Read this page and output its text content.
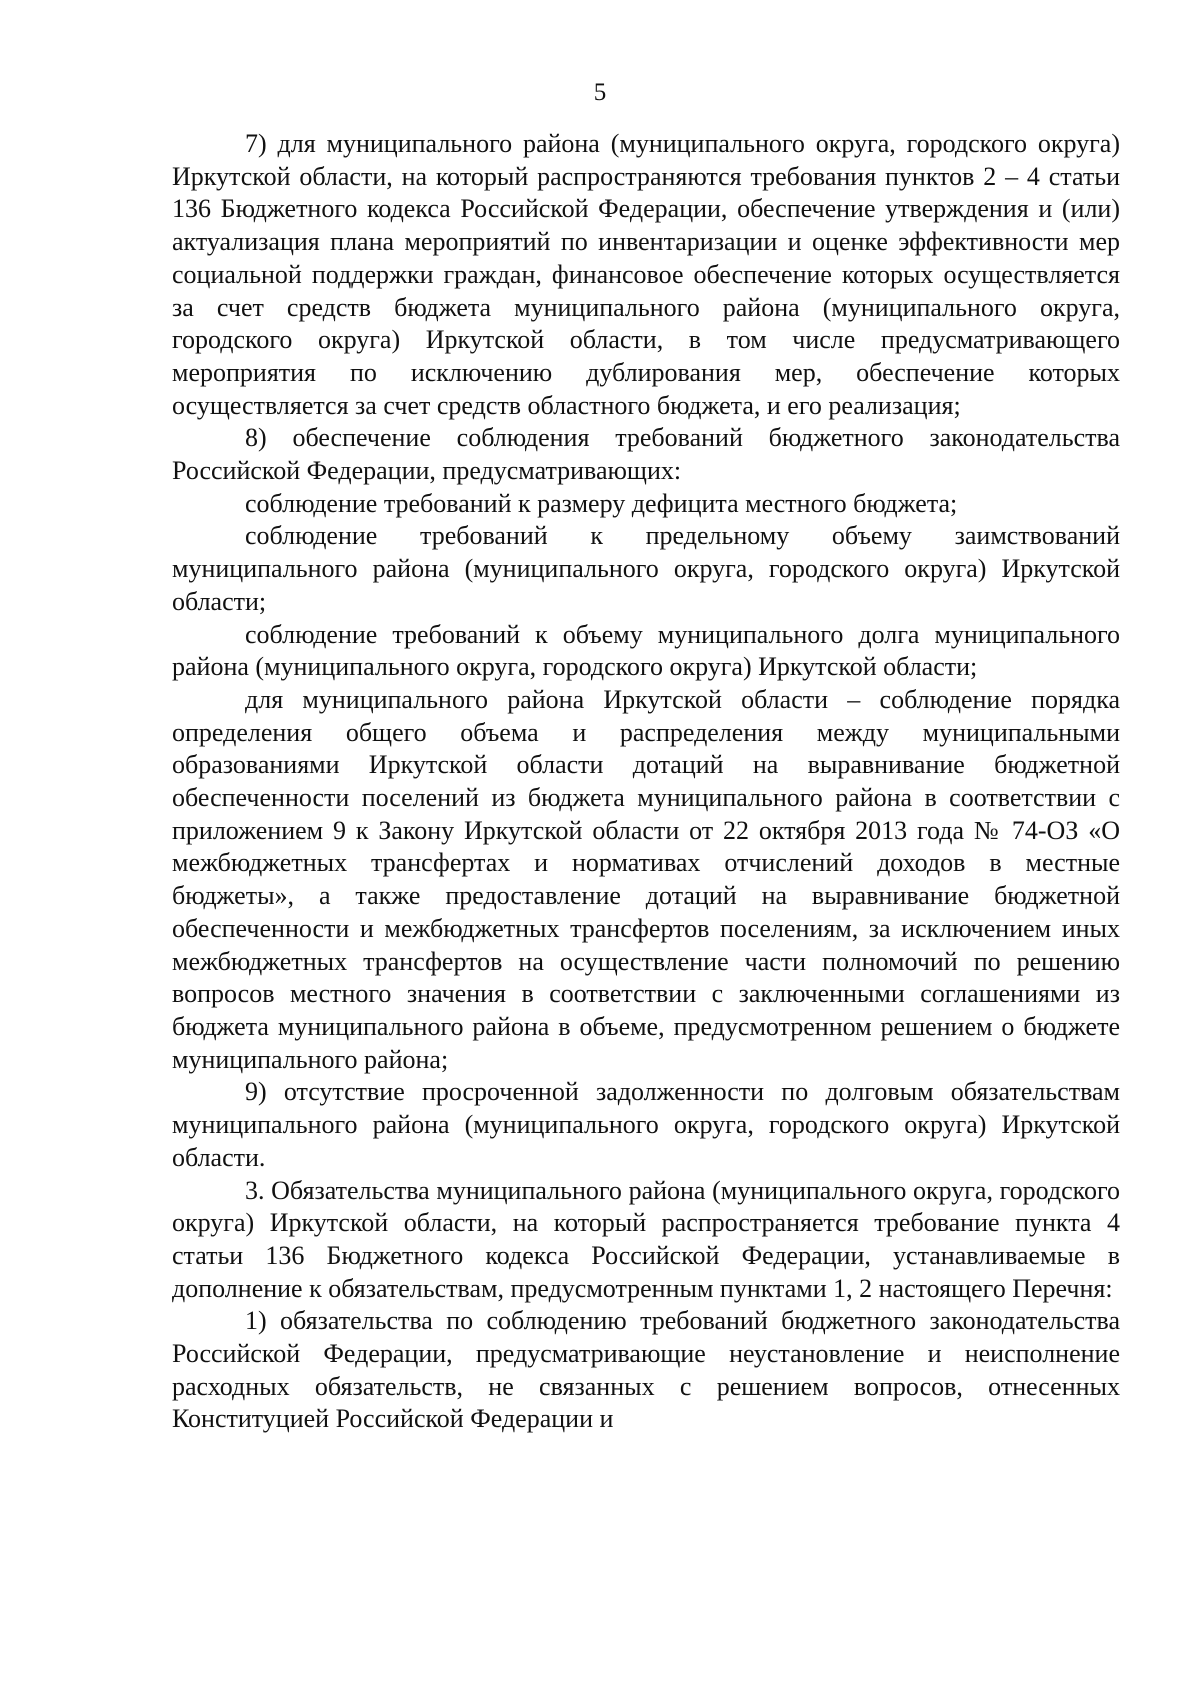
5

7) для муниципального района (муниципального округа, городского округа) Иркутской области, на который распространяются требования пунктов 2 – 4 статьи 136 Бюджетного кодекса Российской Федерации, обеспечение утверждения и (или) актуализация плана мероприятий по инвентаризации и оценке эффективности мер социальной поддержки граждан, финансовое обеспечение которых осуществляется за счет средств бюджета муниципального района (муниципального округа, городского округа) Иркутской области, в том числе предусматривающего мероприятия по исключению дублирования мер, обеспечение которых осуществляется за счет средств областного бюджета, и его реализация;

8) обеспечение соблюдения требований бюджетного законодательства Российской Федерации, предусматривающих:

соблюдение требований к размеру дефицита местного бюджета;

соблюдение требований к предельному объему заимствований муниципального района (муниципального округа, городского округа) Иркутской области;

соблюдение требований к объему муниципального долга муниципального района (муниципального округа, городского округа) Иркутской области;

для муниципального района Иркутской области – соблюдение порядка определения общего объема и распределения между муниципальными образованиями Иркутской области дотаций на выравнивание бюджетной обеспеченности поселений из бюджета муниципального района в соответствии с приложением 9 к Закону Иркутской области от 22 октября 2013 года № 74-ОЗ «О межбюджетных трансфертах и нормативах отчислений доходов в местные бюджеты», а также предоставление дотаций на выравнивание бюджетной обеспеченности и межбюджетных трансфертов поселениям, за исключением иных межбюджетных трансфертов на осуществление части полномочий по решению вопросов местного значения в соответствии с заключенными соглашениями из бюджета муниципального района в объеме, предусмотренном решением о бюджете муниципального района;

9) отсутствие просроченной задолженности по долговым обязательствам муниципального района (муниципального округа, городского округа) Иркутской области.

3. Обязательства муниципального района (муниципального округа, городского округа) Иркутской области, на который распространяется требование пункта 4 статьи 136 Бюджетного кодекса Российской Федерации, устанавливаемые в дополнение к обязательствам, предусмотренным пунктами 1, 2 настоящего Перечня:

1) обязательства по соблюдению требований бюджетного законодательства Российской Федерации, предусматривающие неустановление и неисполнение расходных обязательств, не связанных с решением вопросов, отнесенных Конституцией Российской Федерации и
